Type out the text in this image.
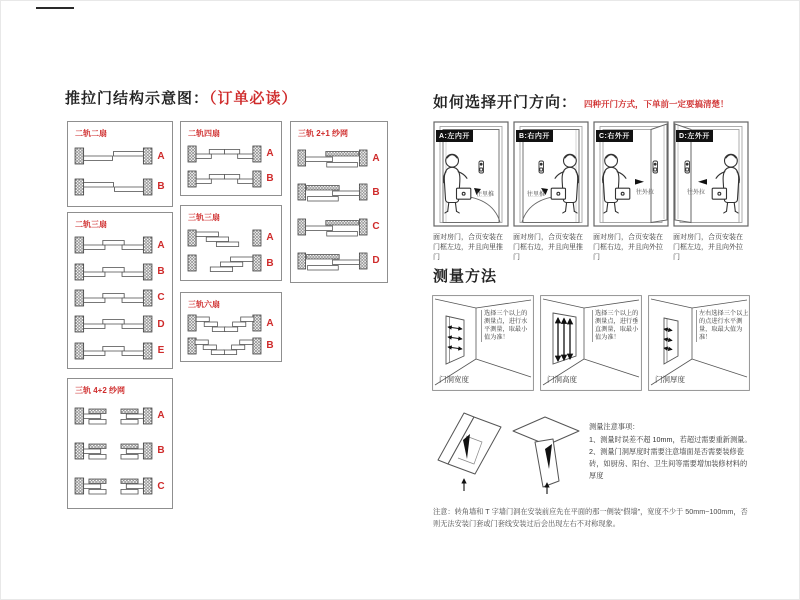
推拉门结构示意图：（订单必读）
二轨二扇
A
B
二轨三扇
A
B
C
D
E
三轨 4+2 纱网
A
B
C
二轨四扇
A
B
三轨三扇
A
B
三轨六扇
A
B
三轨 2+1 纱网
A
B
C
D
如何选择开门方向： 四种开门方式，下单前一定要搞清楚！
A:左内开
往里推
B:右内开
往里推
C:右外开
往外拉
D:左外开
往外拉
面对房门，合页安装在门框左边，并且向里推门
面对房门，合页安装在门框右边，并且向里推门
面对房门，合页安装在门框右边，并且向外拉门
面对房门，合页安装在门框左边，并且向外拉门
测量方法
选择三个以上的测量点，进行水平测量，取最小值为准！
门洞宽度
选择三个以上的测量点，进行垂直测量，取最小值为准！
门洞高度
左右选择三个以上的点进行水平测量，取最大值为准！
门洞厚度
测量注意事项：
1、测量时误差不超 10mm，若超过需要重新测量。
2、测量门洞厚度时需要注意墙面是否需要装修瓷砖，如厨房、阳台、卫生间等需要增加装修材料的厚度
注意：转角墙和 T 字墙门洞在安装前应先在平面的那一侧装“假墙”，宽度不少于 50mm~100mm，否则无法安装门套或门套线安装过后会出现左右不对称现象。
